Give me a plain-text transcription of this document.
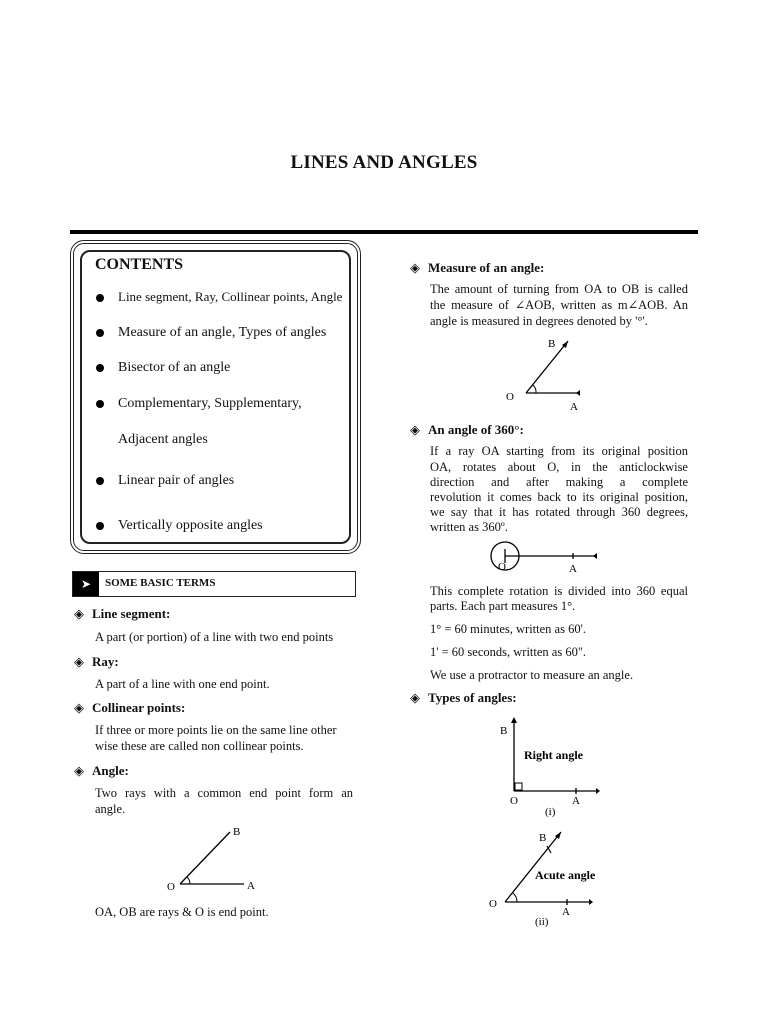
LINES AND ANGLES
CONTENTS
Line segment, Ray, Collinear points, Angle
Measure of an angle, Types of angles
Bisector of an angle
Complementary, Supplementary,
Adjacent angles
Linear pair of angles
Vertically opposite angles
➤	SOME BASIC TERMS
◈ Line segment:
A part (or portion) of a line with two end points
◈ Ray:
A part of a line with one end point.
◈ Collinear points:
If three or more points lie on the same line other
wise these are called non collinear points.
◈ Angle:
Two rays with a common end point form an
angle.
B
O	A
OA, OB are rays & O is end point.
◈ Measure of an angle:
The amount of turning from OA to OB is called
the measure of ∠AOB, written as m∠AOB. An
angle is measured in degrees denoted by '°'.
B
O
A
◈ An angle of 360°:
If a ray OA starting from its original position
OA, rotates about O, in the anticlockwise
direction and after making a complete
revolution it comes back to its original position,
we say that it has rotated through 360 degrees,
written as 360º.
O	A
This complete rotation is divided into 360 equal
parts. Each part measures 1°.
1° = 60 minutes, written as 60'.
1' = 60 seconds, written as 60".
We use a protractor to measure an angle.
◈ Types of angles:
B
Right angle
O	A
(i)
B
Acute angle
O
A
(ii)
